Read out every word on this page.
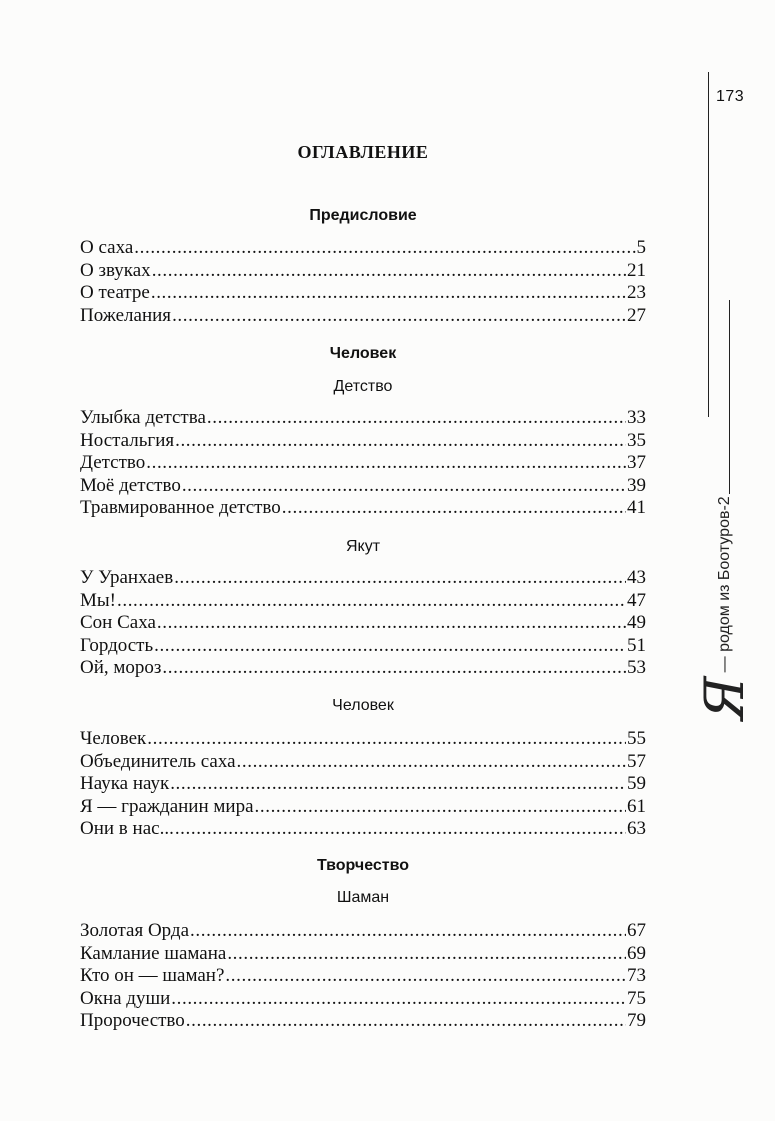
173
Я
— родом из Боотуров-2
ОГЛАВЛЕНИЕ
Предисловие
О саха .....	5
О звуках .....	21
О театре .....	23
Пожелания .....	27
Человек
Детство
Улыбка детства .....	33
Ностальгия .....	35
Детство .....	37
Моё детство .....	39
Травмированное детство .....	41
Якут
У Уранхаев .....	43
Мы! .....	47
Сон Саха .....	49
Гордость .....	51
Ой, мороз .....	53
Человек
Человек .....	55
Объединитель саха .....	57
Наука наук .....	59
Я — гражданин мира .....	61
Они в нас... .....	63
Творчество
Шаман
Золотая Орда .....	67
Камлание шамана .....	69
Кто он — шаман? .....	73
Окна души .....	75
Пророчество .....	79
